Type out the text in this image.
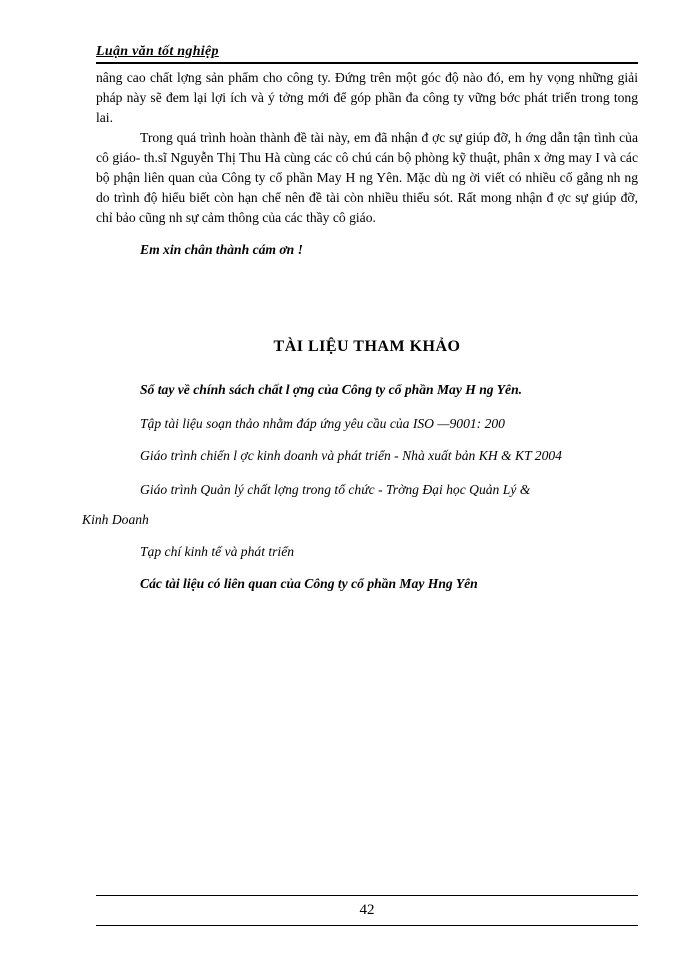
Luận văn tốt nghiệp

nâng cao chất lợng sản phẩm cho công ty. Đứng trên một góc độ nào đó, em hy vọng những giải pháp này sẽ đem lại lợi ích và ý tởng mới để góp phần đa công ty vững bớc phát triển trong tong lai.

Trong quá trình hoàn thành đề tài này, em đã nhận đ ợc sự giúp đỡ, h ớng dẫn tận tình của cô giáo- th.sĩ Nguyễn Thị Thu Hà cùng các cô chú cán bộ phòng kỹ thuật, phân x ởng may I và các bộ phận liên quan của Công ty cổ phần May H ng Yên. Mặc dù ng ời viết có nhiều cố gắng nh ng do trình độ hiểu biết còn hạn chế nên đề tài còn nhiều thiếu sót. Rất mong nhận đ ợc sự giúp đỡ, chỉ bảo cũng nh sự cảm thông của các thầy cô giáo.

Em xin chân thành cám ơn !

TÀI LIỆU THAM KHẢO
Sổ tay về chính sách chất l ợng của Công ty cổ phần May H ng Yên.
Tập tài liệu soạn thảo nhằm đáp ứng yêu cầu của ISO —9001: 200
Giáo trình chiến l ợc kinh doanh và phát triển - Nhà xuất bản KH & KT 2004
Giáo trình Quản lý chất lợng trong tổ chức - Trờng Đại học Quản Lý &
Kinh Doanh
Tạp chí kinh tế và phát triển
Các tài liệu có liên quan của Công ty cổ phần May Hng Yên
42
